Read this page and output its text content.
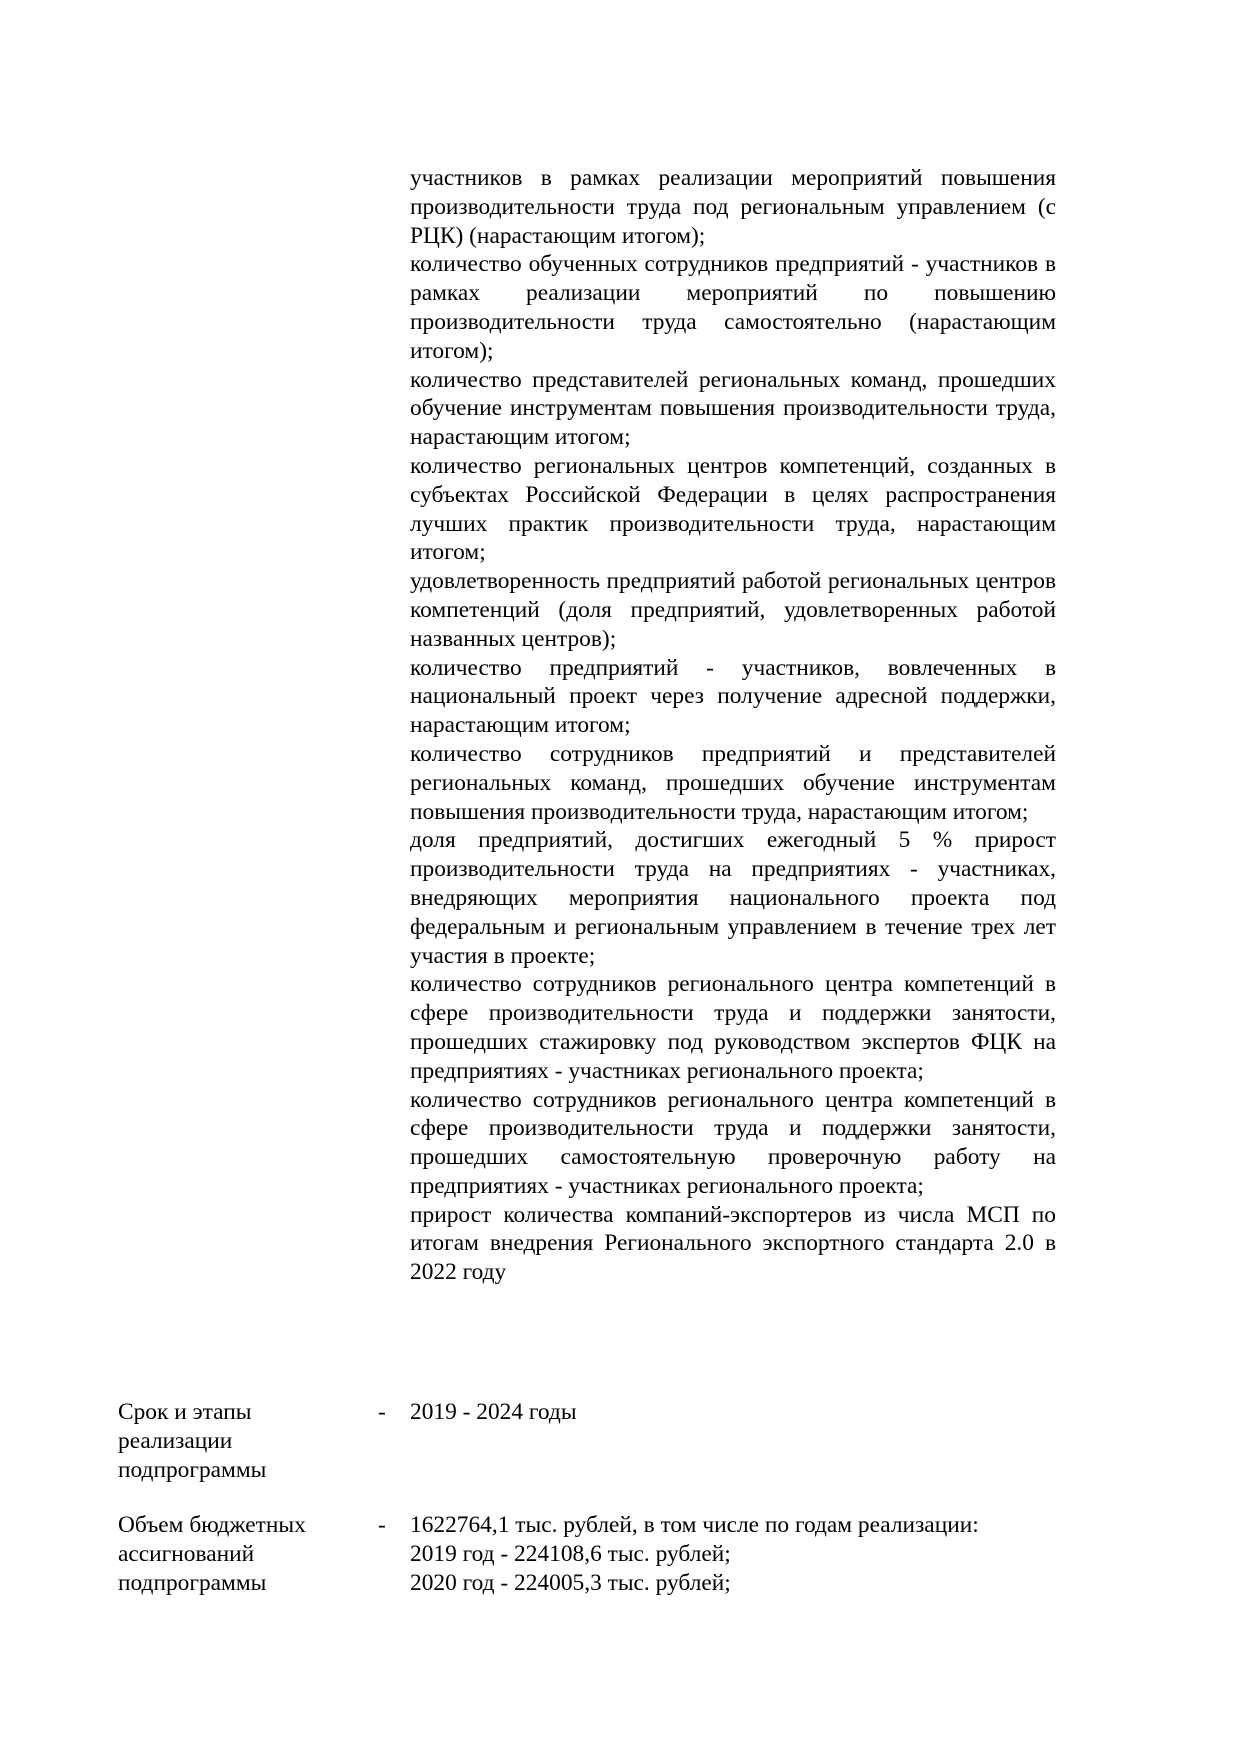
участников в рамках реализации мероприятий повышения производительности труда под региональным управлением (с РЦК) (нарастающим итогом);
количество обученных сотрудников предприятий - участников в рамках реализации мероприятий по повышению производительности труда самостоятельно (нарастающим итогом);
количество представителей региональных команд, прошедших обучение инструментам повышения производительности труда, нарастающим итогом;
количество региональных центров компетенций, созданных в субъектах Российской Федерации в целях распространения лучших практик производительности труда, нарастающим итогом;
удовлетворенность предприятий работой региональных центров компетенций (доля предприятий, удовлетворенных работой названных центров);
количество предприятий - участников, вовлеченных в национальный проект через получение адресной поддержки, нарастающим итогом;
количество сотрудников предприятий и представителей региональных команд, прошедших обучение инструментам повышения производительности труда, нарастающим итогом;
доля предприятий, достигших ежегодный 5 % прирост производительности труда на предприятиях - участниках, внедряющих мероприятия национального проекта под федеральным и региональным управлением в течение трех лет участия в проекте;
количество сотрудников регионального центра компетенций в сфере производительности труда и поддержки занятости, прошедших стажировку под руководством экспертов ФЦК на предприятиях - участниках регионального проекта;
количество сотрудников регионального центра компетенций в сфере производительности труда и поддержки занятости, прошедших самостоятельную проверочную работу на предприятиях - участниках регионального проекта;
прирост количества компаний-экспортеров из числа МСП по итогам внедрения Регионального экспортного стандарта 2.0 в 2022 году
Срок и этапы
реализации
подпрограммы
- 2019 - 2024 годы
Объем бюджетных
ассигнований
подпрограммы
- 1622764,1 тыс. рублей, в том числе по годам реализации:
2019 год - 224108,6 тыс. рублей;
2020 год - 224005,3 тыс. рублей;
